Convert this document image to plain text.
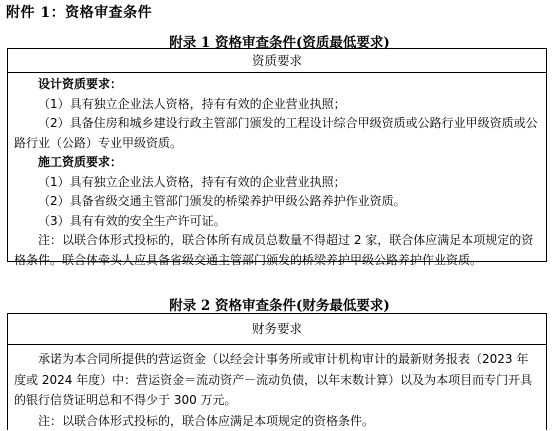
附件 1：资格审查条件
附录 1 资格审查条件(资质最低要求)
资质要求
设计资质要求：
（1）具有独立企业法人资格，持有有效的企业营业执照；
（2）具备住房和城乡建设行政主管部门颁发的工程设计综合甲级资质或公路行业甲级资质或公路行业（公路）专业甲级资质。
施工资质要求：
（1）具有独立企业法人资格，持有有效的企业营业执照；
（2）具备省级交通主管部门颁发的桥梁养护甲级公路养护作业资质。
（3）具有有效的安全生产许可证。
注：以联合体形式投标的，联合体所有成员总数量不得超过 2 家，联合体应满足本项规定的资格条件。联合体牵头人应具备省级交通主管部门颁发的桥梁养护甲级公路养护作业资质。
附录 2 资格审查条件(财务最低要求)
财务要求
承诺为本合同所提供的营运资金（以经会计事务所或审计机构审计的最新财务报表（2023 年度或 2024 年度）中：营运资金＝流动资产－流动负债，以年末数计算）以及为本项目而专门开具的银行信贷证明总和不得少于 300 万元。
注：以联合体形式投标的，联合体应满足本项规定的资格条件。
